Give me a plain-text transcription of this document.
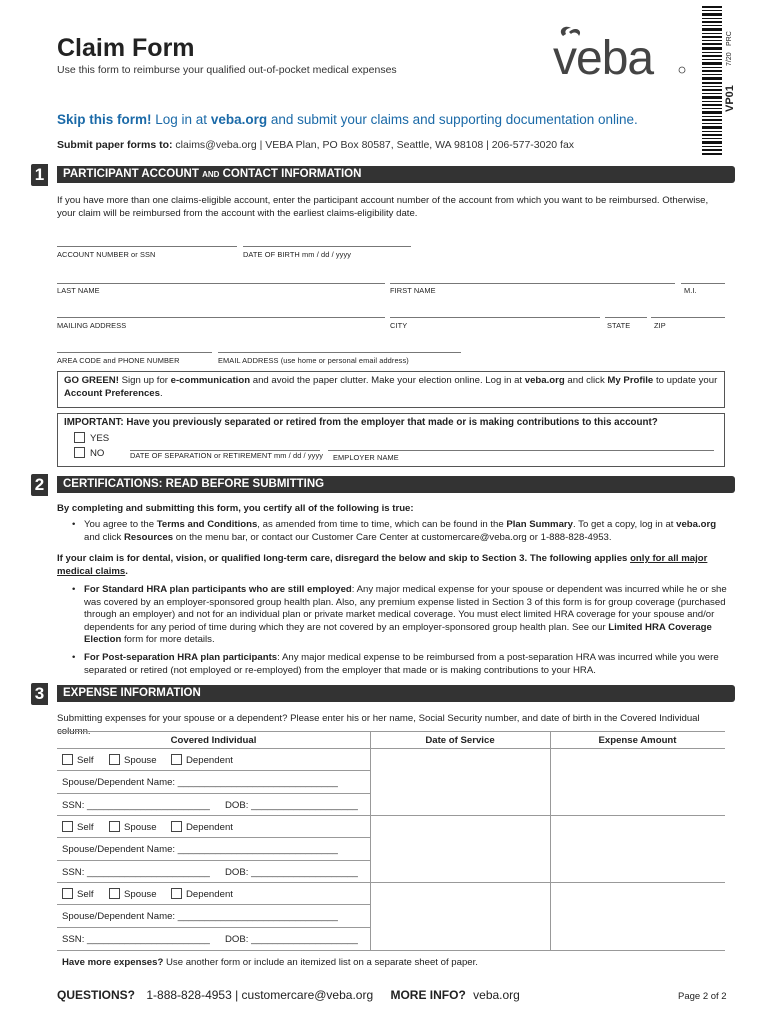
Claim Form
Use this form to reimburse your qualified out-of-pocket medical expenses	veba
VP01
7/20
PRC
Skip this form! Log in at veba.org and submit your claims and supporting documentation online.
Submit paper forms to: claims@veba.org | VEBA Plan, PO Box 80587, Seattle, WA 98108 | 206-577-3020 fax
1	PARTICIPANT ACCOUNT AND CONTACT INFORMATION
If you have more than one claims-eligible account, enter the participant account number of the account from which you want to be reimbursed. Otherwise, your claim will be reimbursed from the account with the earliest claims-eligibility date.
ACCOUNT NUMBER or SSN	DATE OF BIRTH mm / dd / yyyy
LAST NAME	FIRST NAME	M.I.
MAILING ADDRESS	CITY	STATE	ZIP
AREA CODE and PHONE NUMBER	EMAIL ADDRESS (use home or personal email address)
GO GREEN! Sign up for e-communication and avoid the paper clutter. Make your election online. Log in at veba.org and click My Profile to update your Account Preferences.
IMPORTANT: Have you previously separated or retired from the employer that made or is making contributions to this account?
YES
NO	DATE OF SEPARATION or RETIREMENT mm / dd / yyyy EMPLOYER NAME
2	CERTIFICATIONS: READ BEFORE SUBMITTING
By completing and submitting this form, you certify all of the following is true:
• You agree to the Terms and Conditions, as amended from time to time, which can be found in the Plan Summary. To get a copy, log in at veba.org and click Resources on the menu bar, or contact our Customer Care Center at customercare@veba.org or 1-888-828-4953.
If your claim is for dental, vision, or qualified long-term care, disregard the below and skip to Section 3. The following applies only for all major medical claims.
• For Standard HRA plan participants who are still employed: Any major medical expense for your spouse or dependent was incurred while he or she was covered by an employer-sponsored group health plan. Also, any premium expense listed in Section 3 of this form is for group coverage (purchased through an employer) and not for an individual plan or private market medical coverage. You must elect limited HRA coverage for your spouse and/or dependents for any period of time during which they are not covered by an employer-sponsored group health plan. See our Limited HRA Coverage Election form for more details.
• For Post-separation HRA plan participants: Any major medical expense to be reimbursed from a post-separation HRA was incurred while you were separated or retired (not employed or re-employed) from the employer that made or is making contributions to your HRA.
3	EXPENSE INFORMATION
Submitting expenses for your spouse or a dependent? Please enter his or her name, Social Security number, and date of birth in the Covered Individual column.
Covered Individual	Date of Service	Expense Amount
Self	Spouse	Dependent
Spouse/Dependent Name: ______________________________
SSN: _______________________ DOB: ____________________
Self	Spouse	Dependent
Spouse/Dependent Name: ______________________________
SSN: _______________________ DOB: ____________________
Self	Spouse	Dependent
Spouse/Dependent Name: ______________________________
SSN: _______________________ DOB: ____________________
Have more expenses? Use another form or include an itemized list on a separate sheet of paper.
QUESTIONS? 1-888-828-4953 | customercare@veba.org MORE INFO? veba.org	Page 2 of 2
